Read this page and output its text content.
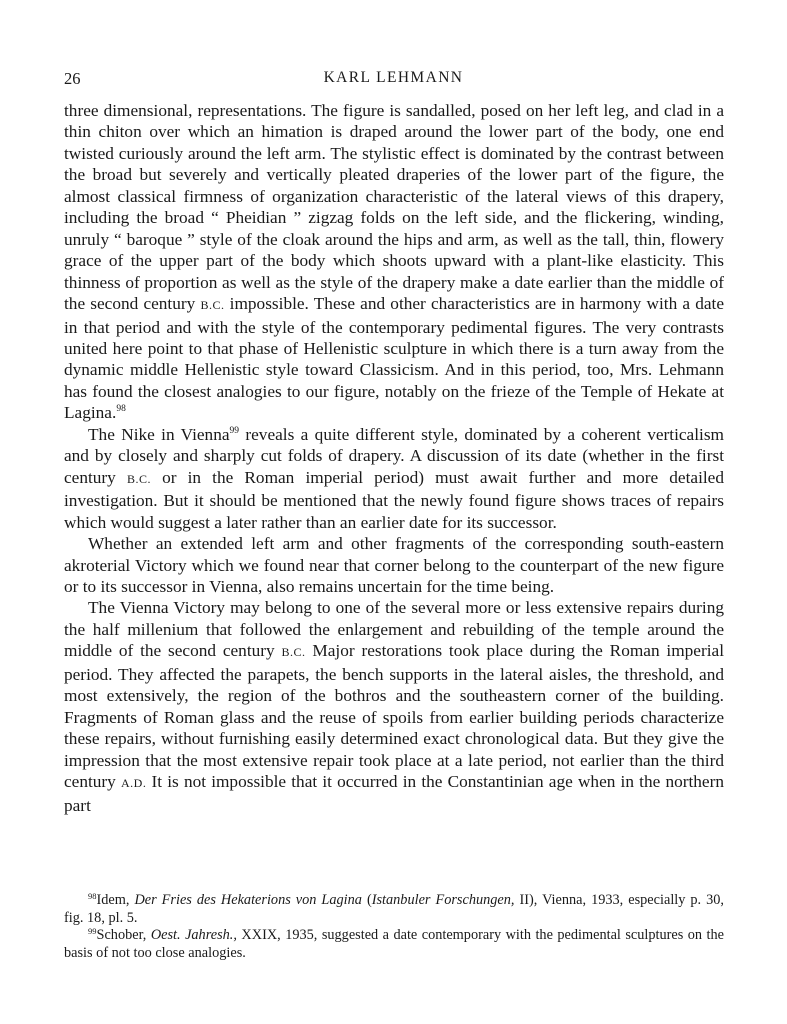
26	KARL LEHMANN

three dimensional, representations. The figure is sandalled, posed on her left leg, and clad in a thin chiton over which an himation is draped around the lower part of the body, one end twisted curiously around the left arm. The stylistic effect is dominated by the contrast between the broad but severely and vertically pleated draperies of the lower part of the figure, the almost classical firmness of organization characteristic of the lateral views of this drapery, including the broad “ Pheidian ” zigzag folds on the left side, and the flickering, winding, unruly “ baroque ” style of the cloak around the hips and arm, as well as the tall, thin, flowery grace of the upper part of the body which shoots upward with a plant-like elasticity. This thinness of proportion as well as the style of the drapery make a date earlier than the middle of the second century B.C. impossible. These and other characteristics are in harmony with a date in that period and with the style of the contemporary pedimental figures. The very contrasts united here point to that phase of Hellenistic sculpture in which there is a turn away from the dynamic middle Hellenistic style toward Classicism. And in this period, too, Mrs. Lehmann has found the closest analogies to our figure, notably on the frieze of the Temple of Hekate at Lagina.$^{98}$

The Nike in Vienna$^{99}$ reveals a quite different style, dominated by a coherent verticalism and by closely and sharply cut folds of drapery. A discussion of its date (whether in the first century B.C. or in the Roman imperial period) must await further and more detailed investigation. But it should be mentioned that the newly found figure shows traces of repairs which would suggest a later rather than an earlier date for its successor.

Whether an extended left arm and other fragments of the corresponding south-eastern akroterial Victory which we found near that corner belong to the counterpart of the new figure or to its successor in Vienna, also remains uncertain for the time being.

The Vienna Victory may belong to one of the several more or less extensive repairs during the half millenium that followed the enlargement and rebuilding of the temple around the middle of the second century B.C. Major restorations took place during the Roman imperial period. They affected the parapets, the bench supports in the lateral aisles, the threshold, and most extensively, the region of the bothros and the southeastern corner of the building. Fragments of Roman glass and the reuse of spoils from earlier building periods characterize these repairs, without furnishing easily determined exact chronological data. But they give the impression that the most extensive repair took place at a late period, not earlier than the third century A.D. It is not impossible that it occurred in the Constantinian age when in the northern part

$^{98}$Idem, Der Fries des Hekaterions von Lagina (Istanbuler Forschungen, II), Vienna, 1933, especially p. 30, fig. 18, pl. 5.

$^{99}$Schober, Oest. Jahresh., XXIX, 1935, suggested a date contemporary with the pedimental sculptures on the basis of not too close analogies.
